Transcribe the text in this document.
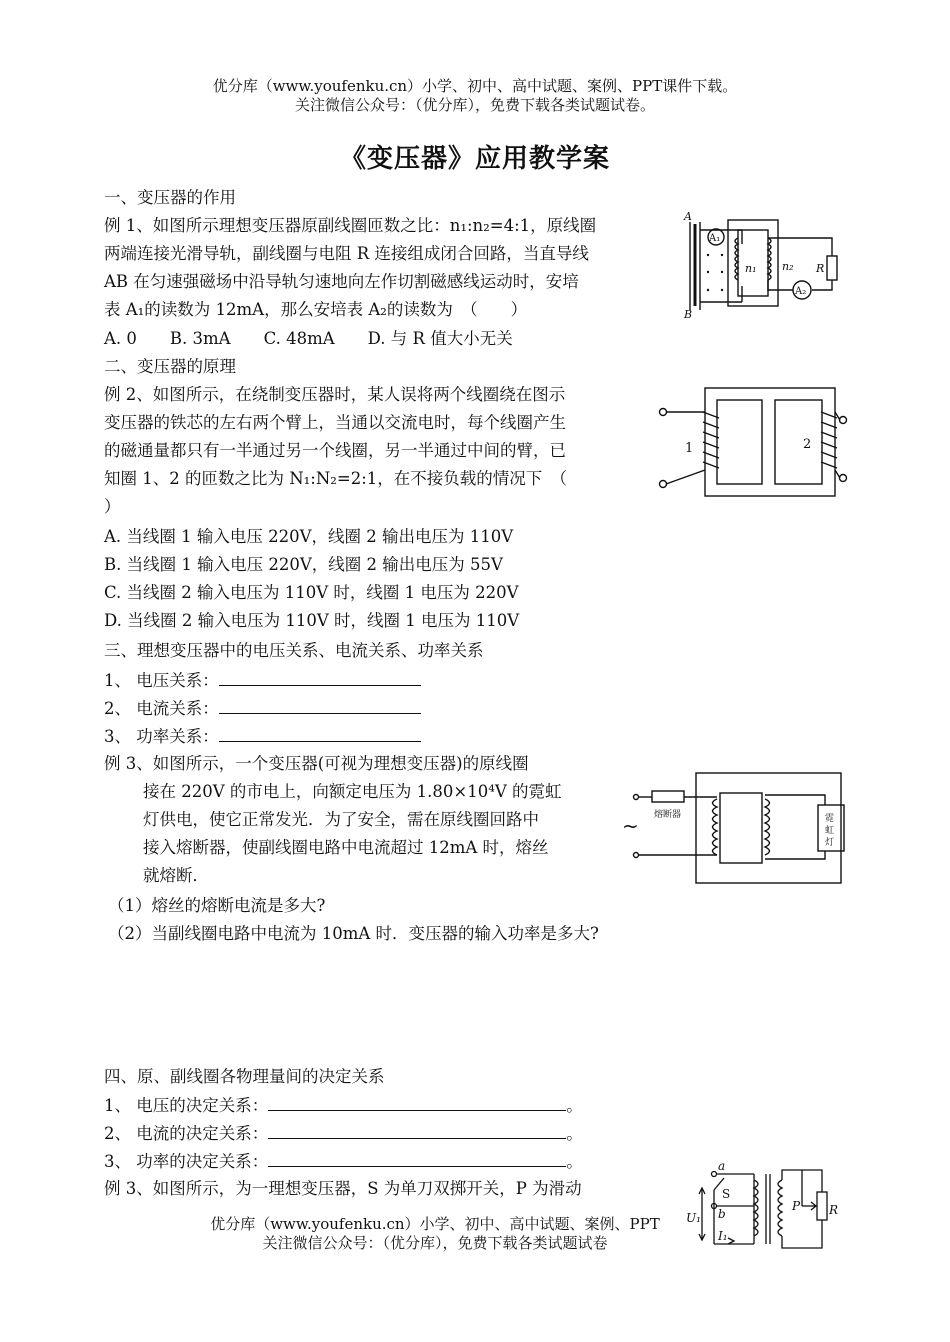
优分库（www.youfenku.cn）小学、初中、高中试题、案例、PPT课件下载。
关注微信公众号：（优分库），免费下载各类试题试卷。
《变压器》应用教学案
一、变压器的作用
例 1、如图所示理想变压器原副线圈匝数之比：n₁:n₂=4:1，原线圈
两端连接光滑导轨，副线圈与电阻 R 连接组成闭合回路，当直导线
AB 在匀速强磁场中沿导轨匀速地向左作切割磁感线运动时，安培
表 A₁的读数为 12mA，那么安培表 A₂的读数为　（　　）
A. 0　　B. 3mA　　C. 48mA　　D. 与 R 值大小无关
A
B
A₁
A₂
n₁ n₂ R
二、变压器的原理
例 2、如图所示，在绕制变压器时，某人误将两个线圈绕在图示
变压器的铁芯的左右两个臂上，当通以交流电时，每个线圈产生
的磁通量都只有一半通过另一个线圈，另一半通过中间的臂，已
知圈 1、2 的匝数之比为 N₁:N₂=2:1，在不接负载的情况下　（
）
A. 当线圈 1 输入电压 220V，线圈 2 输出电压为 110V
B. 当线圈 1 输入电压 220V，线圈 2 输出电压为 55V
C. 当线圈 2 输入电压为 110V 时，线圈 1 电压为 220V
D. 当线圈 2 输入电压为 110V 时，线圈 1 电压为 110V
1	2
三、理想变压器中的电压关系、电流关系、功率关系
1、 电压关系：
2、 电流关系：
3、 功率关系：
例 3、如图所示，一个变压器(可视为理想变压器)的原线圈
接在 220V 的市电上，向额定电压为 1.80×10⁴V 的霓虹
灯供电，使它正常发光．为了安全，需在原线圈回路中
接入熔断器，使副线圈电路中电流超过 12mA 时，熔丝
就熔断．
（1）熔丝的熔断电流是多大?
（2）当副线圈电路中电流为 10mA 时．变压器的输入功率是多大?
熔断器
~	霓
虹
灯
四、原、副线圈各物理量间的决定关系
1、 电压的决定关系：	。
2、 电流的决定关系：	。
3、 功率的决定关系：	。
例 3、如图所示，为一理想变压器，S 为单刀双掷开关，P 为滑动
a
b
S
U₁
I₁
P R
优分库（www.youfenku.cn）小学、初中、高中试题、案例、PPT
关注微信公众号：（优分库），免费下载各类试题试卷
